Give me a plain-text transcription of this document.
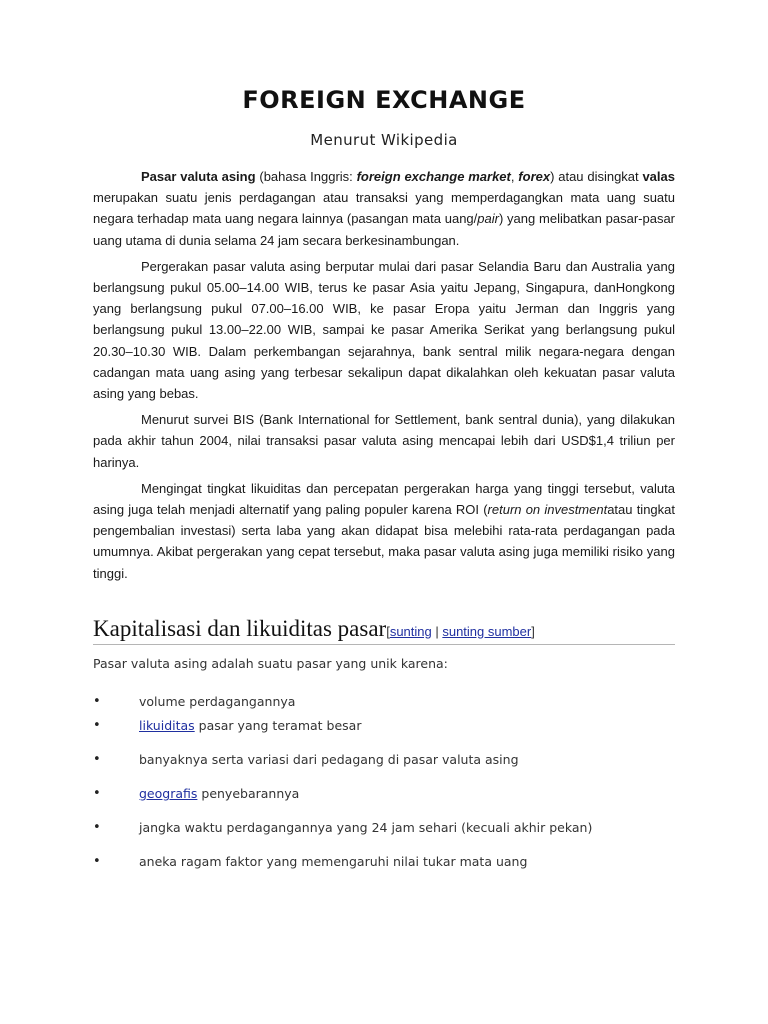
FOREIGN EXCHANGE
Menurut Wikipedia

Pasar valuta asing (bahasa Inggris: foreign exchange market, forex) atau disingkat valas merupakan suatu jenis perdagangan atau transaksi yang memperdagangkan mata uang suatu negara terhadap mata uang negara lainnya (pasangan mata uang/pair) yang melibatkan pasar-pasar uang utama di dunia selama 24 jam secara berkesinambungan.

Pergerakan pasar valuta asing berputar mulai dari pasar Selandia Baru dan Australia yang berlangsung pukul 05.00–14.00 WIB, terus ke pasar Asia yaitu Jepang, Singapura, danHongkong yang berlangsung pukul 07.00–16.00 WIB, ke pasar Eropa yaitu Jerman dan Inggris yang berlangsung pukul 13.00–22.00 WIB, sampai ke pasar Amerika Serikat yang berlangsung pukul 20.30–10.30 WIB. Dalam perkembangan sejarahnya, bank sentral milik negara-negara dengan cadangan mata uang asing yang terbesar sekalipun dapat dikalahkan oleh kekuatan pasar valuta asing yang bebas.

Menurut survei BIS (Bank International for Settlement, bank sentral dunia), yang dilakukan pada akhir tahun 2004, nilai transaksi pasar valuta asing mencapai lebih dari USD$1,4 triliun per harinya.

Mengingat tingkat likuiditas dan percepatan pergerakan harga yang tinggi tersebut, valuta asing juga telah menjadi alternatif yang paling populer karena ROI (return on investmentatau tingkat pengembalian investasi) serta laba yang akan didapat bisa melebihi rata-rata perdagangan pada umumnya. Akibat pergerakan yang cepat tersebut, maka pasar valuta asing juga memiliki risiko yang tinggi.

Kapitalisasi dan likuiditas pasar[sunting | sunting sumber]
Pasar valuta asing adalah suatu pasar yang unik karena:
•	volume perdagangannya
•	likuiditas pasar yang teramat besar
•	banyaknya serta variasi dari pedagang di pasar valuta asing
•	geografis penyebarannya
•	jangka waktu perdagangannya yang 24 jam sehari (kecuali akhir pekan)
•	aneka ragam faktor yang memengaruhi nilai tukar mata uang
